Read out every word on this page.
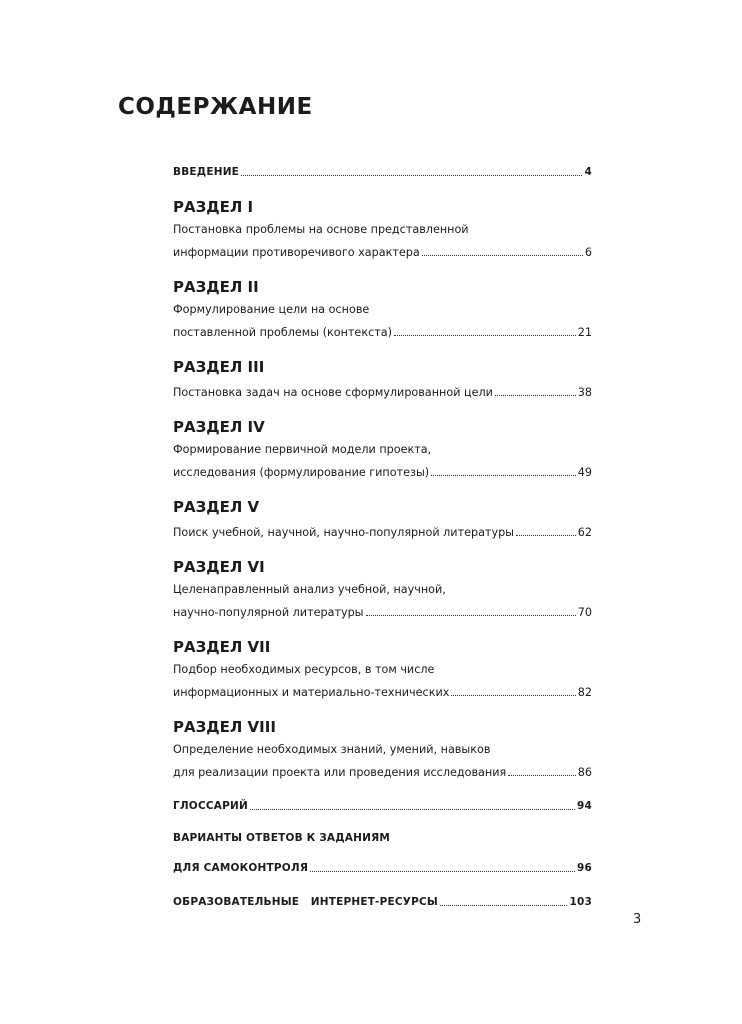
СОДЕРЖАНИЕ
ВВЕДЕНИЕ	4
РАЗДЕЛ I
Постановка проблемы на основе представленной
информации противоречивого характера	6
РАЗДЕЛ II
Формулирование цели на основе
поставленной проблемы (контекста)	21
РАЗДЕЛ III
Постановка задач на основе сформулированной цели	38
РАЗДЕЛ IV
Формирование первичной модели проекта,
исследования (формулирование гипотезы)	49
РАЗДЕЛ V
Поиск учебной, научной, научно-популярной литературы	62
РАЗДЕЛ VI
Целенаправленный анализ учебной, научной,
научно-популярной литературы	70
РАЗДЕЛ VII
Подбор необходимых ресурсов, в том числе
информационных и материально-технических	82
РАЗДЕЛ VIII
Определение необходимых знаний, умений, навыков
для реализации проекта или проведения исследования	86
ГЛОССАРИЙ	94
ВАРИАНТЫ ОТВЕТОВ К ЗАДАНИЯМ
ДЛЯ САМОКОНТРОЛЯ	96
ОБРАЗОВАТЕЛЬНЫЕ   ИНТЕРНЕТ-РЕСУРСЫ	103
3
